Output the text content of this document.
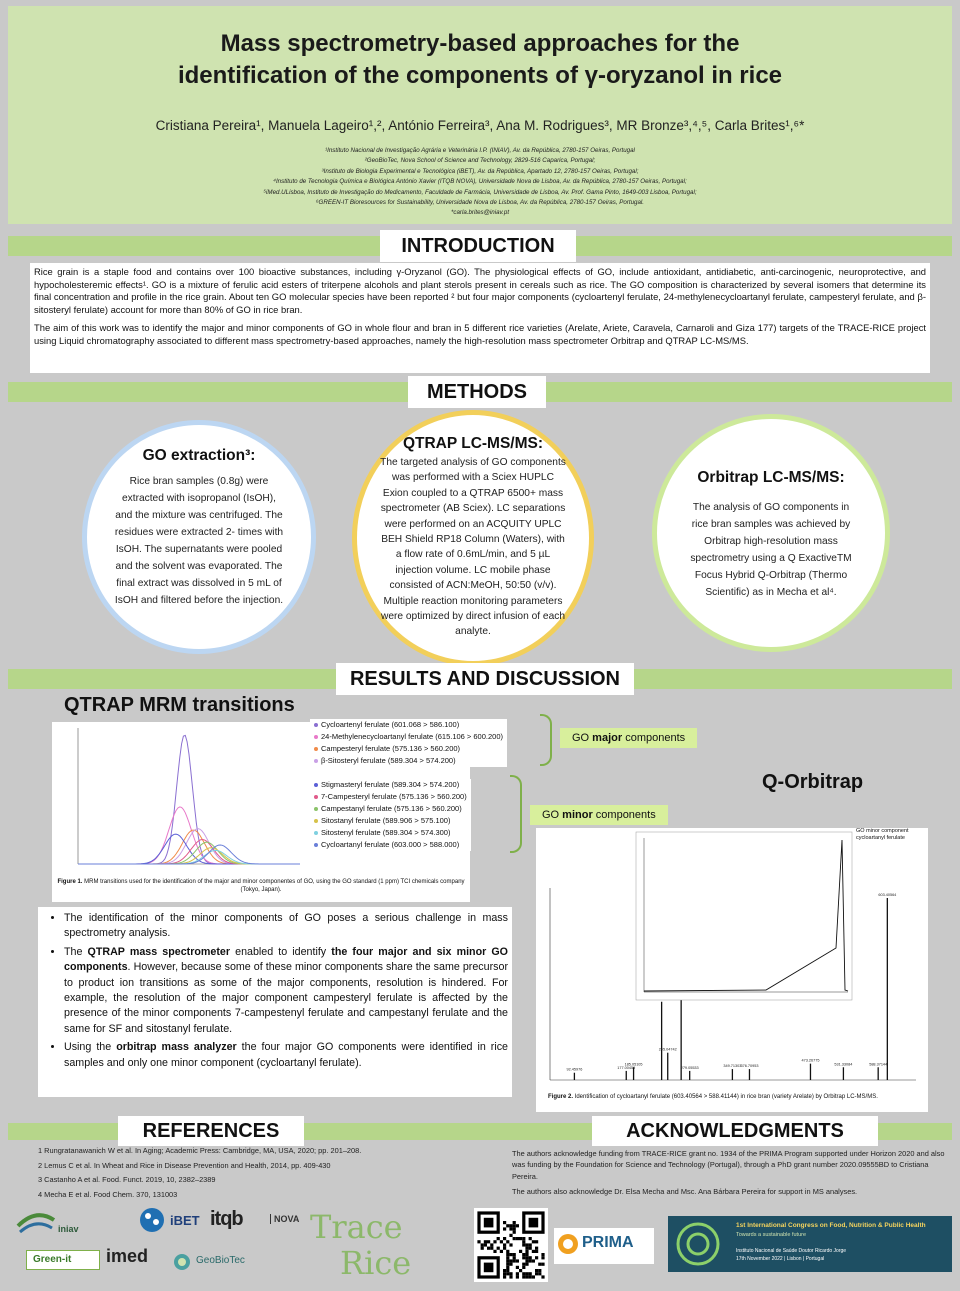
Mass spectrometry-based approaches for the
identification of the components of γ-oryzanol in rice
Cristiana Pereira¹, Manuela Lageiro¹,², António Ferreira³, Ana M. Rodrigues³, MR Bronze³,⁴,⁵, Carla Brites¹,⁶*
¹Instituto Nacional de Investigação Agrária e Veterinária I.P. (INIAV), Av. da República, 2780-157 Oeiras, Portugal
²GeoBioTec, Nova School of Science and Technology, 2829-516 Caparica, Portugal;
³Instituto de Biologia Experimental e Tecnológica (iBET), Av. da República, Apartado 12, 2780-157 Oeiras, Portugal;
⁴Instituto de Tecnologia Química e Biológica António Xavier (ITQB NOVA), Universidade Nova de Lisboa, Av. da República, 2780-157 Oeiras, Portugal;
⁵iMed.ULisboa, Instituto de Investigação do Medicamento, Faculdade de Farmácia, Universidade de Lisboa, Av. Prof. Gama Pinto, 1649-003 Lisboa, Portugal;
⁶GREEN-IT Bioresources for Sustainability, Universidade Nova de Lisboa, Av. da República, 2780-157 Oeiras, Portugal.
*carla.brites@iniav.pt
INTRODUCTION

Rice grain is a staple food and contains over 100 bioactive substances, including γ-Oryzanol (GO). The physiological effects of GO, include antioxidant, antidiabetic, anti-carcinogenic, neuroprotective, and hypocholesteremic effects¹. GO is a mixture of ferulic acid esters of triterpene alcohols and plant sterols present in cereals such as rice. The GO composition is characterized by several isomers that determine its final concentration and profile in the rice grain. About ten GO molecular species have been reported ² but four major components (cycloartenyl ferulate, 24-methylenecycloartanyl ferulate, campesteryl ferulate, and β-sitosteryl ferulate) account for more than 80% of GO in rice bran.

The aim of this work was to identify the major and minor components of GO in whole flour and bran in 5 different rice varieties (Arelate, Ariete, Caravela, Carnaroli and Giza 177) targets of the TRACE-RICE project using Liquid chromatography associated to different mass spectrometry-based approaches, namely the high-resolution mass spectrometer Orbitrap and QTRAP LC-MS/MS.

METHODS
GO extraction³:
Rice bran samples (0.8g) were extracted with isopropanol (IsOH), and the mixture was centrifuged. The residues were extracted 2- times with IsOH. The supernatants were pooled and the solvent was evaporated. The final extract was dissolved in 5 mL of IsOH and filtered before the injection.
QTRAP LC-MS/MS:
The targeted analysis of GO components was performed with a Sciex HUPLC Exion coupled to a QTRAP 6500+ mass spectrometer (AB Sciex). LC separations were performed on an ACQUITY UPLC BEH Shield RP18 Column (Waters), with a flow rate of 0.6mL/min, and 5 µL injection volume. LC mobile phase consisted of ACN:MeOH, 50:50 (v/v). Multiple reaction monitoring parameters were optimized by direct infusion of each analyte.
Orbitrap LC-MS/MS:
The analysis of GO components in rice bran samples was achieved by Orbitrap high-resolution mass spectrometry using a Q ExactiveTM Focus Hybrid Q-Orbitrap (Thermo Scientific) as in Mecha et al⁴.
RESULTS AND DISCUSSION
QTRAP MRM transitions
Figure 1. MRM transitions used for the identification of the major and minor componentes of GO, using the GO standard (1 ppm) TCI chemicals company (Tokyo, Japan).
Cycloartenyl ferulate (601.068 > 586.100)
24-Methylenecycloartanyl ferulate (615.106 > 600.200)
Campesteryl ferulate (575.136 > 560.200)
β-Sitosteryl ferulate (589.304 > 574.200)
Stigmasteryl ferulate (589.304 > 574.200)
7-Campesteryl ferulate (575.136 > 560.200)
Campestanyl ferulate (575.136 > 560.200)
Sitostanyl ferulate (589.906 > 575.100)
Sitostenyl ferulate (589.304 > 574.300)
Cycloartanyl ferulate (603.000 > 588.000)
GO major components
GO minor components
Q-Orbitrap
92.45976	177.00459
185.05105
245.04742
279.05533	349.71303 376.70953
473.26775
531.33084	588.37144
603.40564
GO minor component
cycloartanyl ferulate
Figure 2. Identification of cycloartanyl ferulate (603.40564 > 588.41144) in rice bran (variety Arelate) by Orbitrap LC-MS/MS.
• The identification of the minor components of GO poses a serious challenge in mass spectrometry analysis.
• The QTRAP mass spectrometer enabled to identify the four major and six minor GO components. However, because some of these minor components share the same precursor to product ion transitions as some of the major components, resolution is hindered. For example, the resolution of the major component campesteryl ferulate is affected by the presence of the minor components 7-campestenyl ferulate and campestanyl ferulate and the same for SF and sitostanyl ferulate.
• Using the orbitrap mass analyzer the four major GO components were identified in rice samples and only one minor component (cycloartanyl ferulate).
REFERENCES	ACKNOWLEDGMENTS
1 Rungratanawanich W et al. In Aging; Academic Press: Cambridge, MA, USA, 2020; pp. 201–208.
2 Lemus C et al. In Wheat and Rice in Disease Prevention and Health, 2014, pp. 409-430
3 Castanho A et al. Food. Funct. 2019, 10, 2382–2389
4 Mecha E et al. Food Chem. 370, 131003
The authors acknowledge funding from TRACE-RICE grant no. 1934 of the PRIMA Program supported under Horizon 2020 and also was funding by the Foundation for Science and Technology (Portugal), through a PhD grant number 2020.09555BD to Cristiana Pereira.
The authors also acknowledge Dr. Elsa Mecha and Msc. Ana Bárbara Pereira for support in MS analyses.
iniav
iBET itqb	NOVA Trace
Rice
PRIMA
1st International Congress on Food, Nutrition & Public Health
Towards a sustainable future
Instituto Nacional de Saúde Doutor Ricardo Jorge
17th November 2022 | Lisbon | Portugal
Green-it imed	GeoBioTec
